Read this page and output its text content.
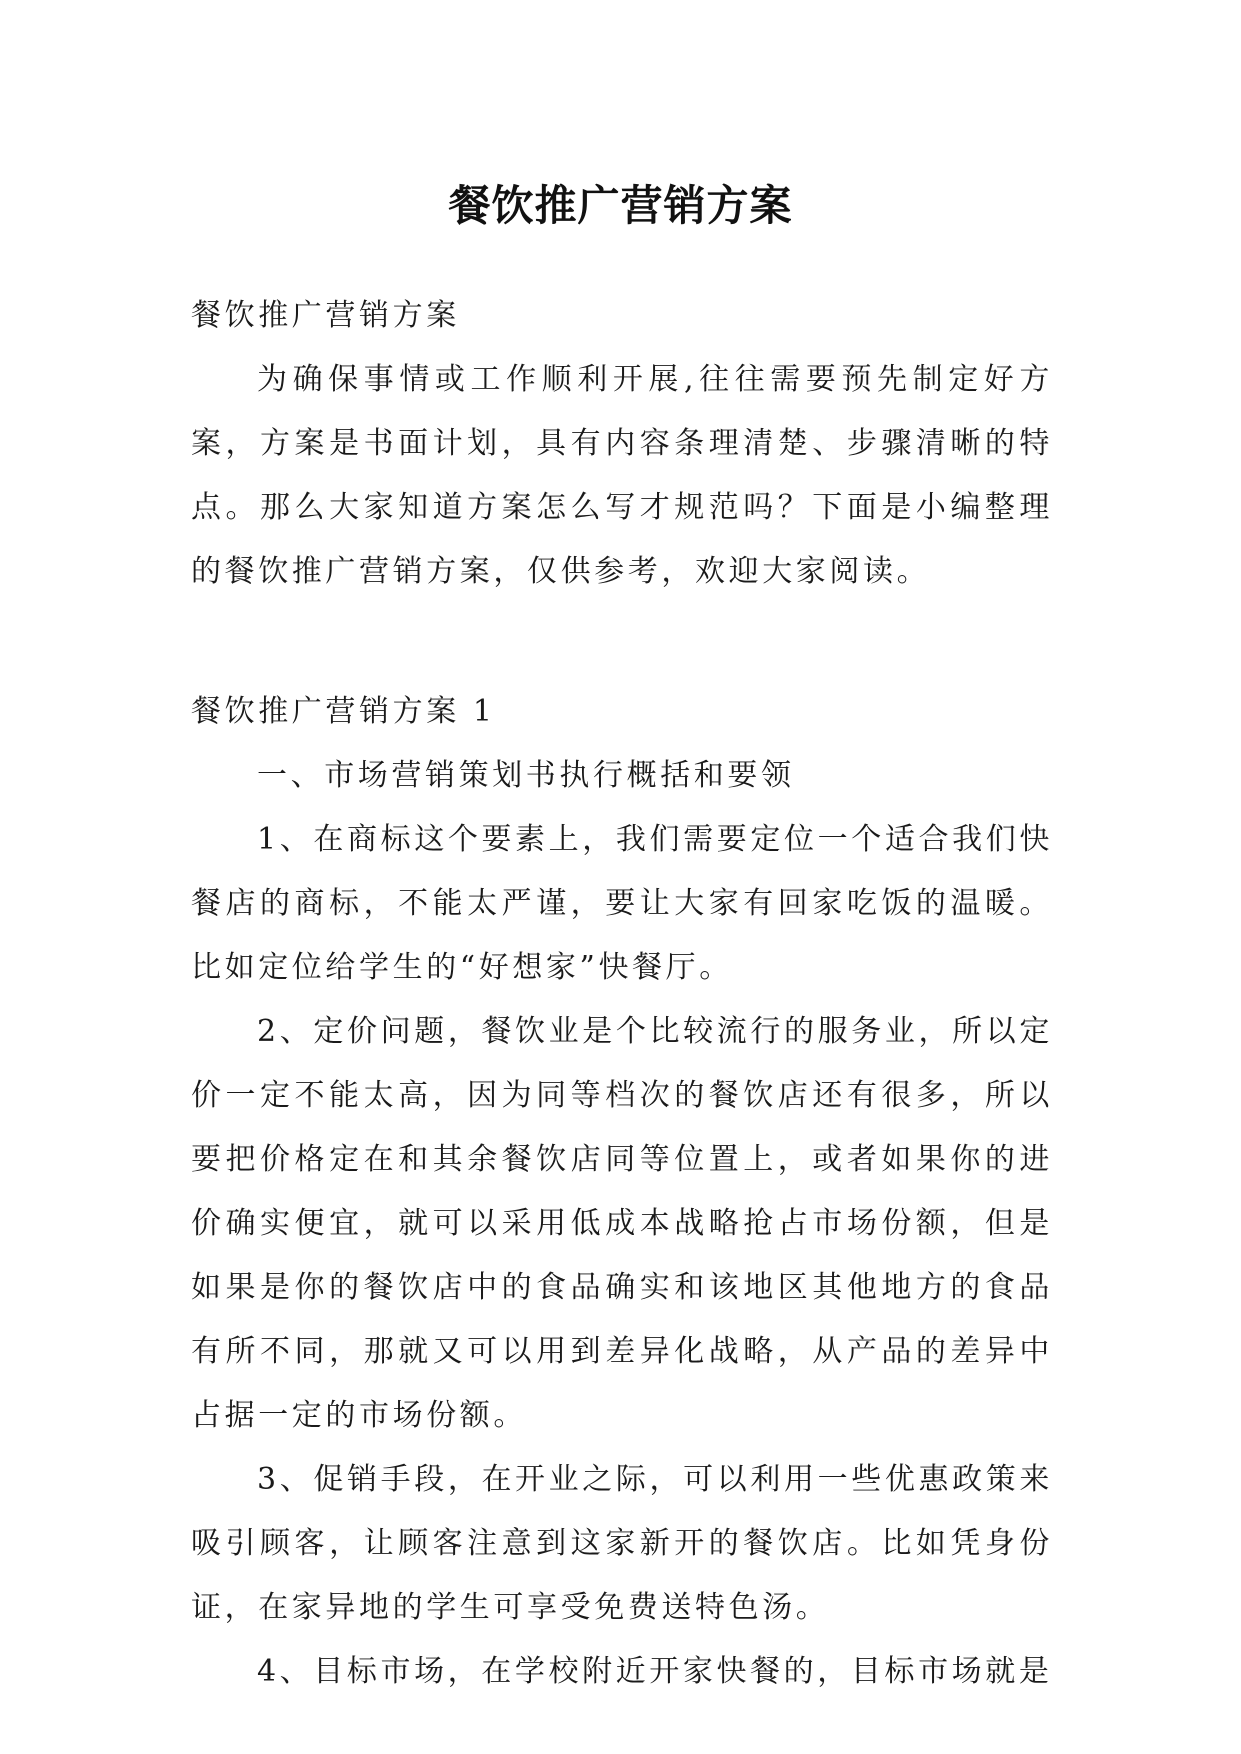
餐饮推广营销方案

餐饮推广营销方案

为确保事情或工作顺利开展,往往需要预先制定好方案，方案是书面计划，具有内容条理清楚、步骤清晰的特点。那么大家知道方案怎么写才规范吗？下面是小编整理的餐饮推广营销方案，仅供参考，欢迎大家阅读。

餐饮推广营销方案 1

一、市场营销策划书执行概括和要领

1、在商标这个要素上，我们需要定位一个适合我们快餐店的商标，不能太严谨，要让大家有回家吃饭的温暖。比如定位给学生的“好想家”快餐厅。

2、定价问题，餐饮业是个比较流行的服务业，所以定价一定不能太高，因为同等档次的餐饮店还有很多，所以要把价格定在和其余餐饮店同等位置上，或者如果你的进价确实便宜，就可以采用低成本战略抢占市场份额，但是如果是你的餐饮店中的食品确实和该地区其他地方的食品有所不同，那就又可以用到差异化战略，从产品的差异中占据一定的市场份额。

3、促销手段，在开业之际，可以利用一些优惠政策来吸引顾客，让顾客注意到这家新开的餐饮店。比如凭身份证，在家异地的学生可享受免费送特色汤。

4、目标市场，在学校附近开家快餐的，目标市场就是
